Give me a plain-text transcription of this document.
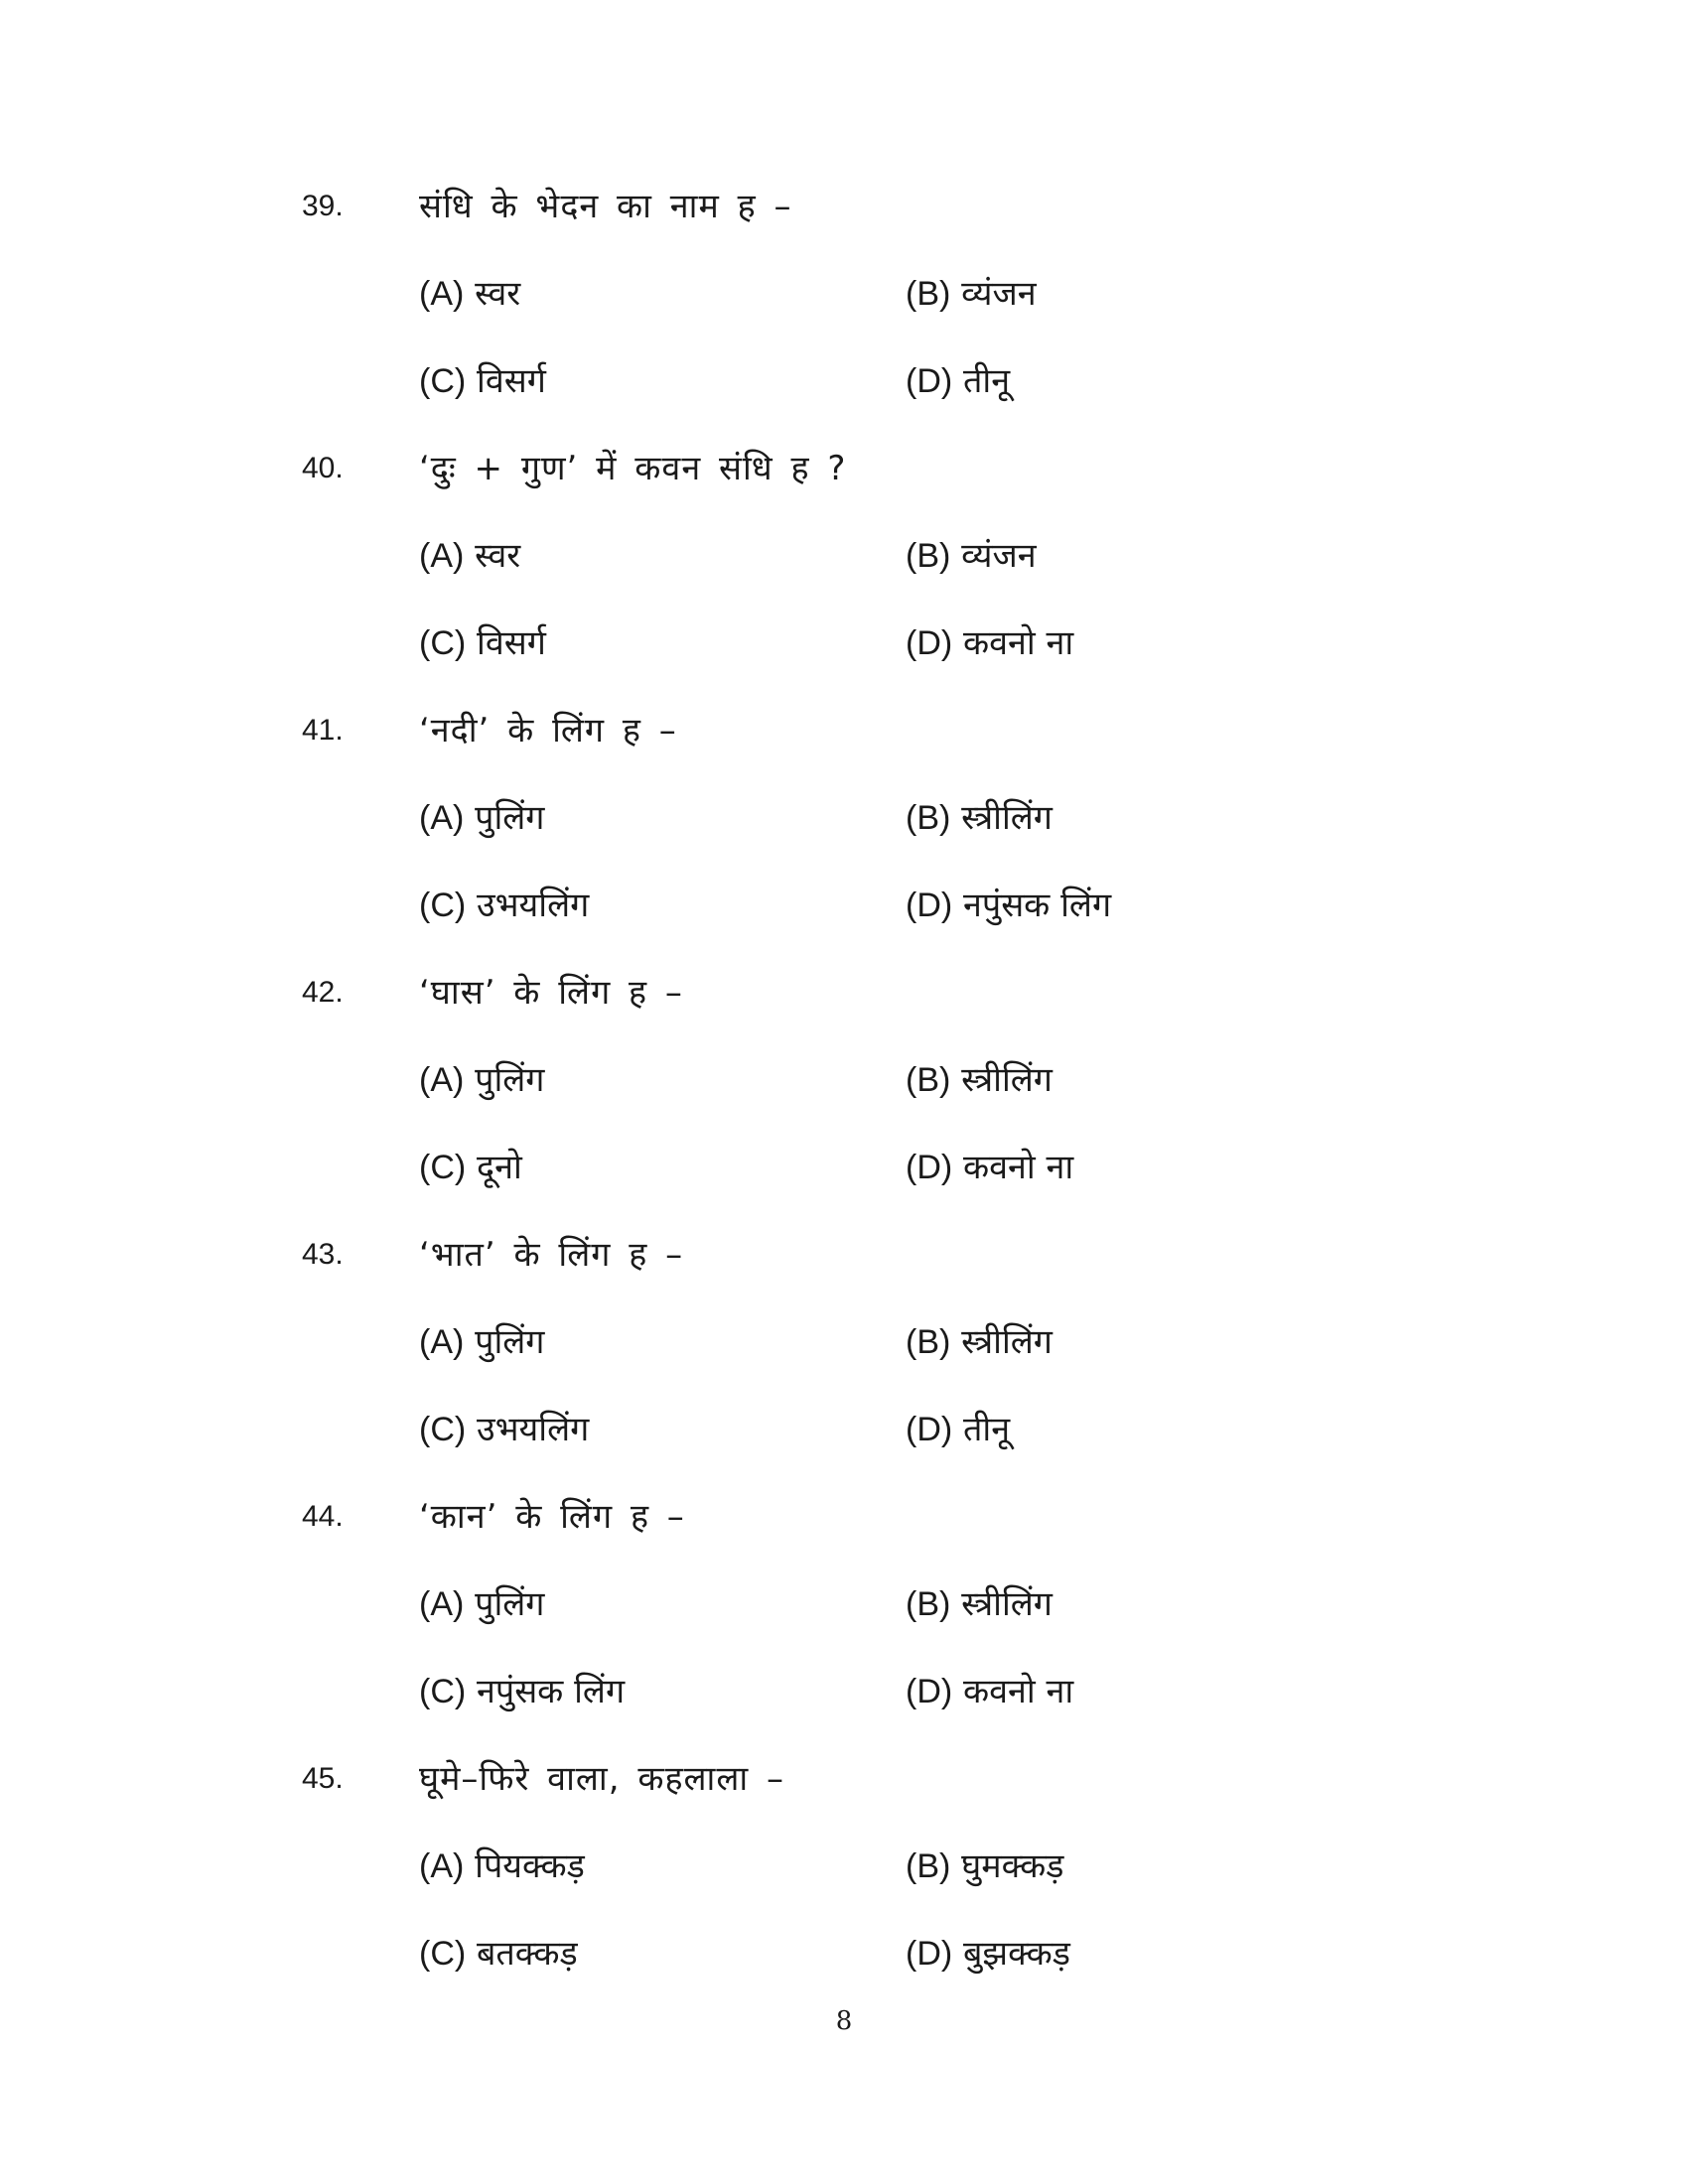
39. संधि के भेदन का नाम ह –
(A) स्वर	(B) व्यंजन
(C) विसर्ग	(D) तीनू
40. ‘दुः + गुण’ में कवन संधि ह ?
(A) स्वर	(B) व्यंजन
(C) विसर्ग	(D) कवनो ना
41. ‘नदी’ के लिंग ह –
(A) पुलिंग	(B) स्त्रीलिंग
(C) उभयलिंग	(D) नपुंसक लिंग
42. ‘घास’ के लिंग ह –
(A) पुलिंग	(B) स्त्रीलिंग
(C) दूनो	(D) कवनो ना
43. ‘भात’ के लिंग ह –
(A) पुलिंग	(B) स्त्रीलिंग
(C) उभयलिंग	(D) तीनू
44. ‘कान’ के लिंग ह –
(A) पुलिंग	(B) स्त्रीलिंग
(C) नपुंसक लिंग	(D) कवनो ना
45. घूमे–फिरे वाला, कहलाला –
(A) पियक्कड़	(B) घुमक्कड़
(C) बतक्कड़	(D) बुझक्कड़
8
